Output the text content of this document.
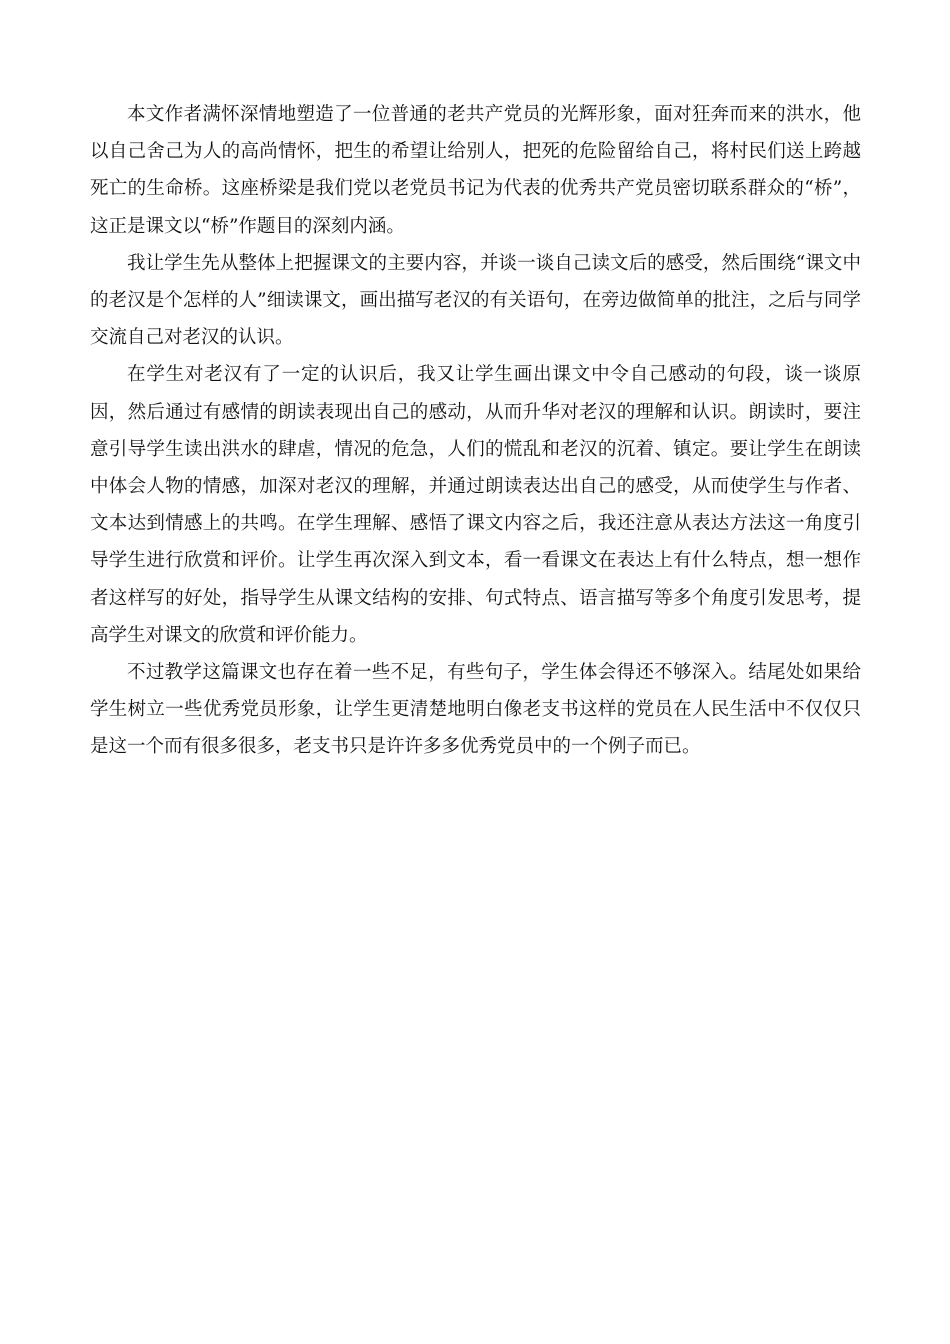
本文作者满怀深情地塑造了一位普通的老共产党员的光辉形象，面对狂奔而来的洪水，他以自己舍己为人的高尚情怀，把生的希望让给别人，把死的危险留给自己，将村民们送上跨越死亡的生命桥。这座桥梁是我们党以老党员书记为代表的优秀共产党员密切联系群众的“桥”，这正是课文以“桥”作题目的深刻内涵。

我让学生先从整体上把握课文的主要内容，并谈一谈自己读文后的感受，然后围绕“课文中的老汉是个怎样的人”细读课文，画出描写老汉的有关语句，在旁边做简单的批注，之后与同学交流自己对老汉的认识。

在学生对老汉有了一定的认识后，我又让学生画出课文中令自己感动的句段，谈一谈原因，然后通过有感情的朗读表现出自己的感动，从而升华对老汉的理解和认识。朗读时，要注意引导学生读出洪水的肆虐，情况的危急，人们的慌乱和老汉的沉着、镇定。要让学生在朗读中体会人物的情感，加深对老汉的理解，并通过朗读表达出自己的感受，从而使学生与作者、文本达到情感上的共鸣。在学生理解、感悟了课文内容之后，我还注意从表达方法这一角度引导学生进行欣赏和评价。让学生再次深入到文本，看一看课文在表达上有什么特点，想一想作者这样写的好处，指导学生从课文结构的安排、句式特点、语言描写等多个角度引发思考，提高学生对课文的欣赏和评价能力。

不过教学这篇课文也存在着一些不足，有些句子，学生体会得还不够深入。结尾处如果给学生树立一些优秀党员形象，让学生更清楚地明白像老支书这样的党员在人民生活中不仅仅只是这一个而有很多很多，老支书只是许许多多优秀党员中的一个例子而已。
